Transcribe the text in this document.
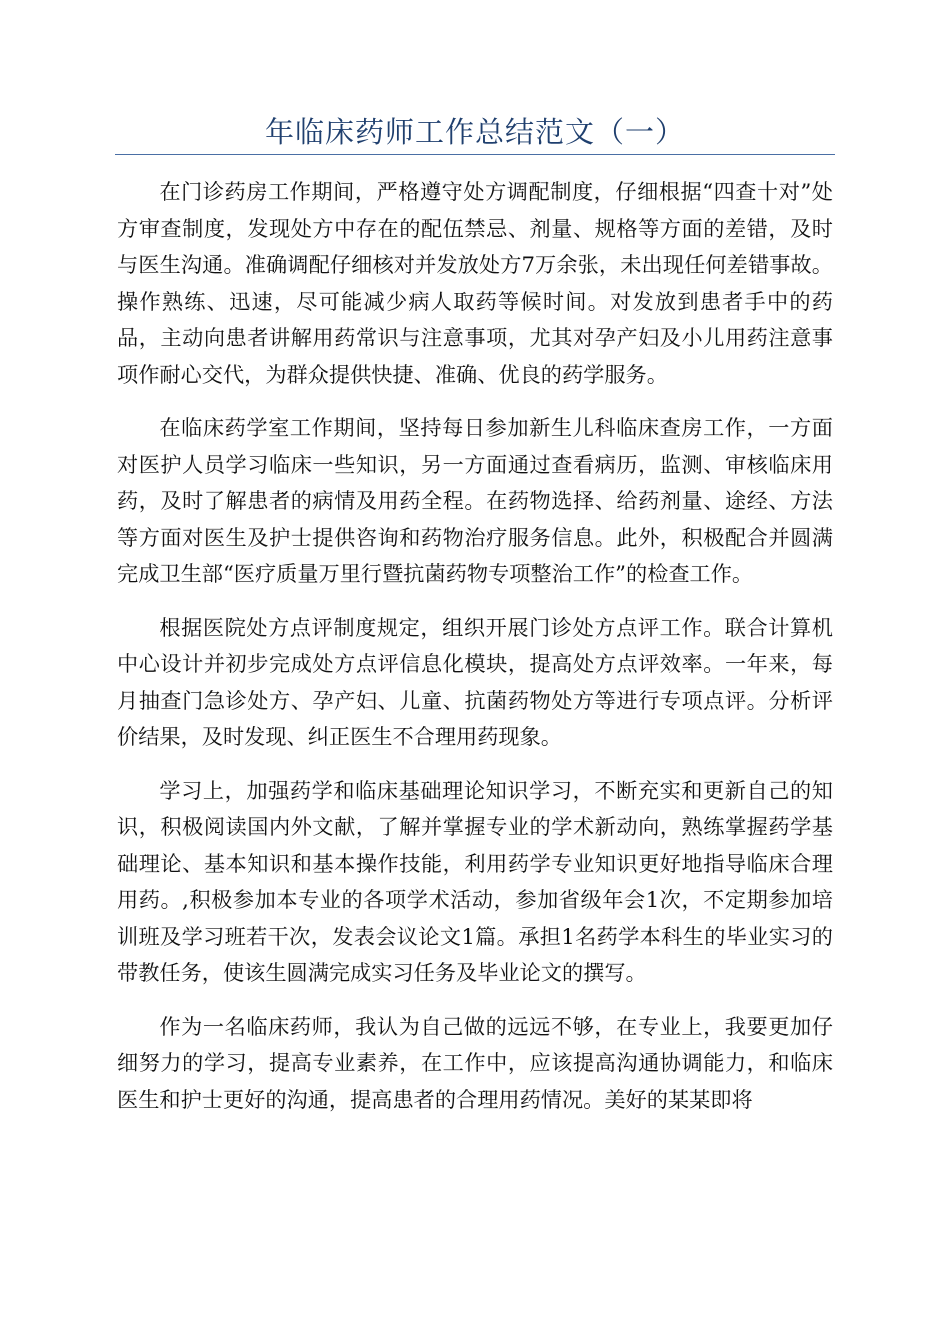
年临床药师工作总结范文（一）

在门诊药房工作期间，严格遵守处方调配制度，仔细根据“四查十对”处方审查制度，发现处方中存在的配伍禁忌、剂量、规格等方面的差错，及时与医生沟通。准确调配仔细核对并发放处方7万余张，未出现任何差错事故。操作熟练、迅速，尽可能减少病人取药等候时间。对发放到患者手中的药品，主动向患者讲解用药常识与注意事项，尤其对孕产妇及小儿用药注意事项作耐心交代，为群众提供快捷、准确、优良的药学服务。

在临床药学室工作期间，坚持每日参加新生儿科临床查房工作，一方面对医护人员学习临床一些知识，另一方面通过查看病历，监测、审核临床用药，及时了解患者的病情及用药全程。在药物选择、给药剂量、途经、方法等方面对医生及护士提供咨询和药物治疗服务信息。此外，积极配合并圆满完成卫生部“医疗质量万里行暨抗菌药物专项整治工作”的检查工作。

根据医院处方点评制度规定，组织开展门诊处方点评工作。联合计算机中心设计并初步完成处方点评信息化模块，提高处方点评效率。一年来，每月抽查门急诊处方、孕产妇、儿童、抗菌药物处方等进行专项点评。分析评价结果，及时发现、纠正医生不合理用药现象。

学习上，加强药学和临床基础理论知识学习，不断充实和更新自己的知识，积极阅读国内外文献，了解并掌握专业的学术新动向，熟练掌握药学基础理论、基本知识和基本操作技能，利用药学专业知识更好地指导临床合理用药。,积极参加本专业的各项学术活动，参加省级年会1次，不定期参加培训班及学习班若干次，发表会议论文1篇。承担1名药学本科生的毕业实习的带教任务，使该生圆满完成实习任务及毕业论文的撰写。

作为一名临床药师，我认为自己做的远远不够，在专业上，我要更加仔细努力的学习，提高专业素养，在工作中，应该提高沟通协调能力，和临床医生和护士更好的沟通，提高患者的合理用药情况。美好的某某即将
